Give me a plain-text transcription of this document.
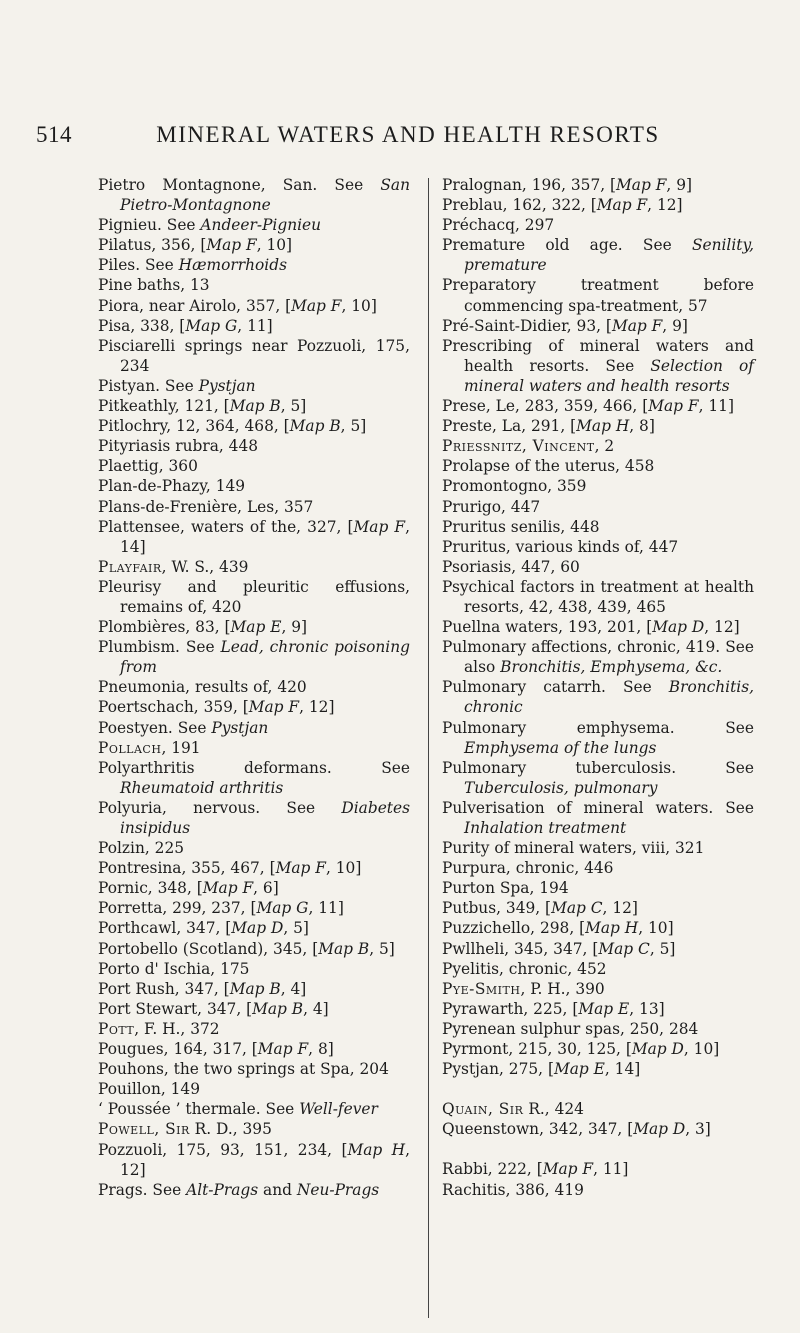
514	MINERAL WATERS AND HEALTH RESORTS
Pietro Montagnone, San. See San Pietro-Montagnone
Pignieu. See Andeer-Pignieu
Pilatus, 356, [Map F, 10]
Piles. See Hæmorrhoids
Pine baths, 13
Piora, near Airolo, 357, [Map F, 10]
Pisa, 338, [Map G, 11]
Pisciarelli springs near Pozzuoli, 175, 234
Pistyan. See Pystjan
Pitkeathly, 121, [Map B, 5]
Pitlochry, 12, 364, 468, [Map B, 5]
Pityriasis rubra, 448
Plaettig, 360
Plan-de-Phazy, 149
Plans-de-Frenière, Les, 357
Plattensee, waters of the, 327, [Map F, 14]
Playfair, W. S., 439
Pleurisy and pleuritic effusions, remains of, 420
Plombières, 83, [Map E, 9]
Plumbism. See Lead, chronic poisoning from
Pneumonia, results of, 420
Poertschach, 359, [Map F, 12]
Poestyen. See Pystjan
Pollach, 191
Polyarthritis deformans. See Rheumatoid arthritis
Polyuria, nervous. See Diabetes insipidus
Polzin, 225
Pontresina, 355, 467, [Map F, 10]
Pornic, 348, [Map F, 6]
Porretta, 299, 237, [Map G, 11]
Porthcawl, 347, [Map D, 5]
Portobello (Scotland), 345, [Map B, 5]
Porto d' Ischia, 175
Port Rush, 347, [Map B, 4]
Port Stewart, 347, [Map B, 4]
Pott, F. H., 372
Pougues, 164, 317, [Map F, 8]
Pouhons, the two springs at Spa, 204
Pouillon, 149
‘ Poussée ’ thermale. See Well-fever
Powell, Sir R. D., 395
Pozzuoli, 175, 93, 151, 234, [Map H, 12]
Prags. See Alt-Prags and Neu-Prags
Pralognan, 196, 357, [Map F, 9]
Preblau, 162, 322, [Map F, 12]
Préchacq, 297
Premature old age. See Senility, premature
Preparatory treatment before commencing spa-treatment, 57
Pré-Saint-Didier, 93, [Map F, 9]
Prescribing of mineral waters and health resorts. See Selection of mineral waters and health resorts
Prese, Le, 283, 359, 466, [Map F, 11]
Preste, La, 291, [Map H, 8]
Priessnitz, Vincent, 2
Prolapse of the uterus, 458
Promontogno, 359
Prurigo, 447
Pruritus senilis, 448
Pruritus, various kinds of, 447
Psoriasis, 447, 60
Psychical factors in treatment at health resorts, 42, 438, 439, 465
Puellna waters, 193, 201, [Map D, 12]
Pulmonary affections, chronic, 419. See also Bronchitis, Emphysema, &c.
Pulmonary catarrh. See Bronchitis, chronic
Pulmonary emphysema. See Emphysema of the lungs
Pulmonary tuberculosis. See Tuberculosis, pulmonary
Pulverisation of mineral waters. See Inhalation treatment
Purity of mineral waters, viii, 321
Purpura, chronic, 446
Purton Spa, 194
Putbus, 349, [Map C, 12]
Puzzichello, 298, [Map H, 10]
Pwllheli, 345, 347, [Map C, 5]
Pyelitis, chronic, 452
Pye-Smith, P. H., 390
Pyrawarth, 225, [Map E, 13]
Pyrenean sulphur spas, 250, 284
Pyrmont, 215, 30, 125, [Map D, 10]
Pystjan, 275, [Map E, 14]
Quain, Sir R., 424
Queenstown, 342, 347, [Map D, 3]
Rabbi, 222, [Map F, 11]
Rachitis, 386, 419
